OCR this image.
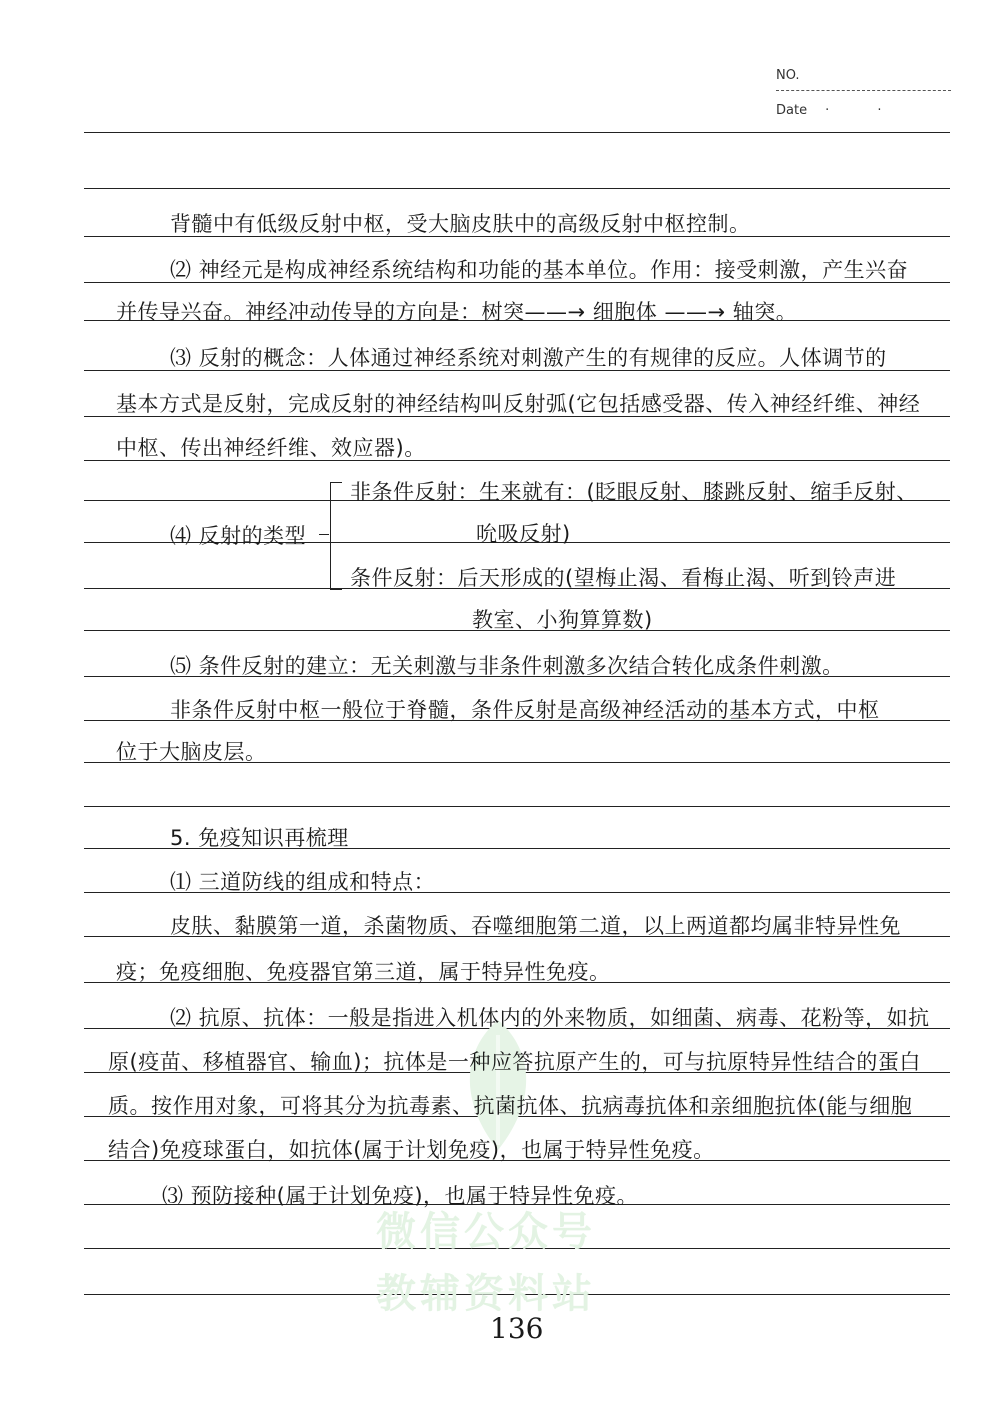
NO.
Date · ·
微信公众号
教辅资料站
背髓中有低级反射中枢，受大脑皮肤中的高级反射中枢控制。
⑵ 神经元是构成神经系统结构和功能的基本单位。作用：接受刺激，产生兴奋
并传导兴奋。神经冲动传导的方向是：树突——→ 细胞体 ——→ 轴突。
⑶ 反射的概念：人体通过神经系统对刺激产生的有规律的反应。人体调节的
基本方式是反射，完成反射的神经结构叫反射弧(它包括感受器、传入神经纤维、神经
中枢、传出神经纤维、效应器)。
⑷ 反射的类型
非条件反射：生来就有：(眨眼反射、膝跳反射、缩手反射、
吮吸反射)
条件反射：后天形成的(望梅止渴、看梅止渴、听到铃声进
教室、小狗算算数)
⑸ 条件反射的建立：无关刺激与非条件刺激多次结合转化成条件刺激。
非条件反射中枢一般位于脊髓，条件反射是高级神经活动的基本方式，中枢
位于大脑皮层。
5. 免疫知识再梳理
⑴ 三道防线的组成和特点：
皮肤、黏膜第一道，杀菌物质、吞噬细胞第二道，以上两道都均属非特异性免
疫；免疫细胞、免疫器官第三道，属于特异性免疫。
⑵ 抗原、抗体：一般是指进入机体内的外来物质，如细菌、病毒、花粉等，如抗
原(疫苗、移植器官、输血)；抗体是一种应答抗原产生的，可与抗原特异性结合的蛋白
质。按作用对象，可将其分为抗毒素、抗菌抗体、抗病毒抗体和亲细胞抗体(能与细胞
结合)免疫球蛋白，如抗体(属于计划免疫)，也属于特异性免疫。
⑶ 预防接种(属于计划免疫)，也属于特异性免疫。
136
